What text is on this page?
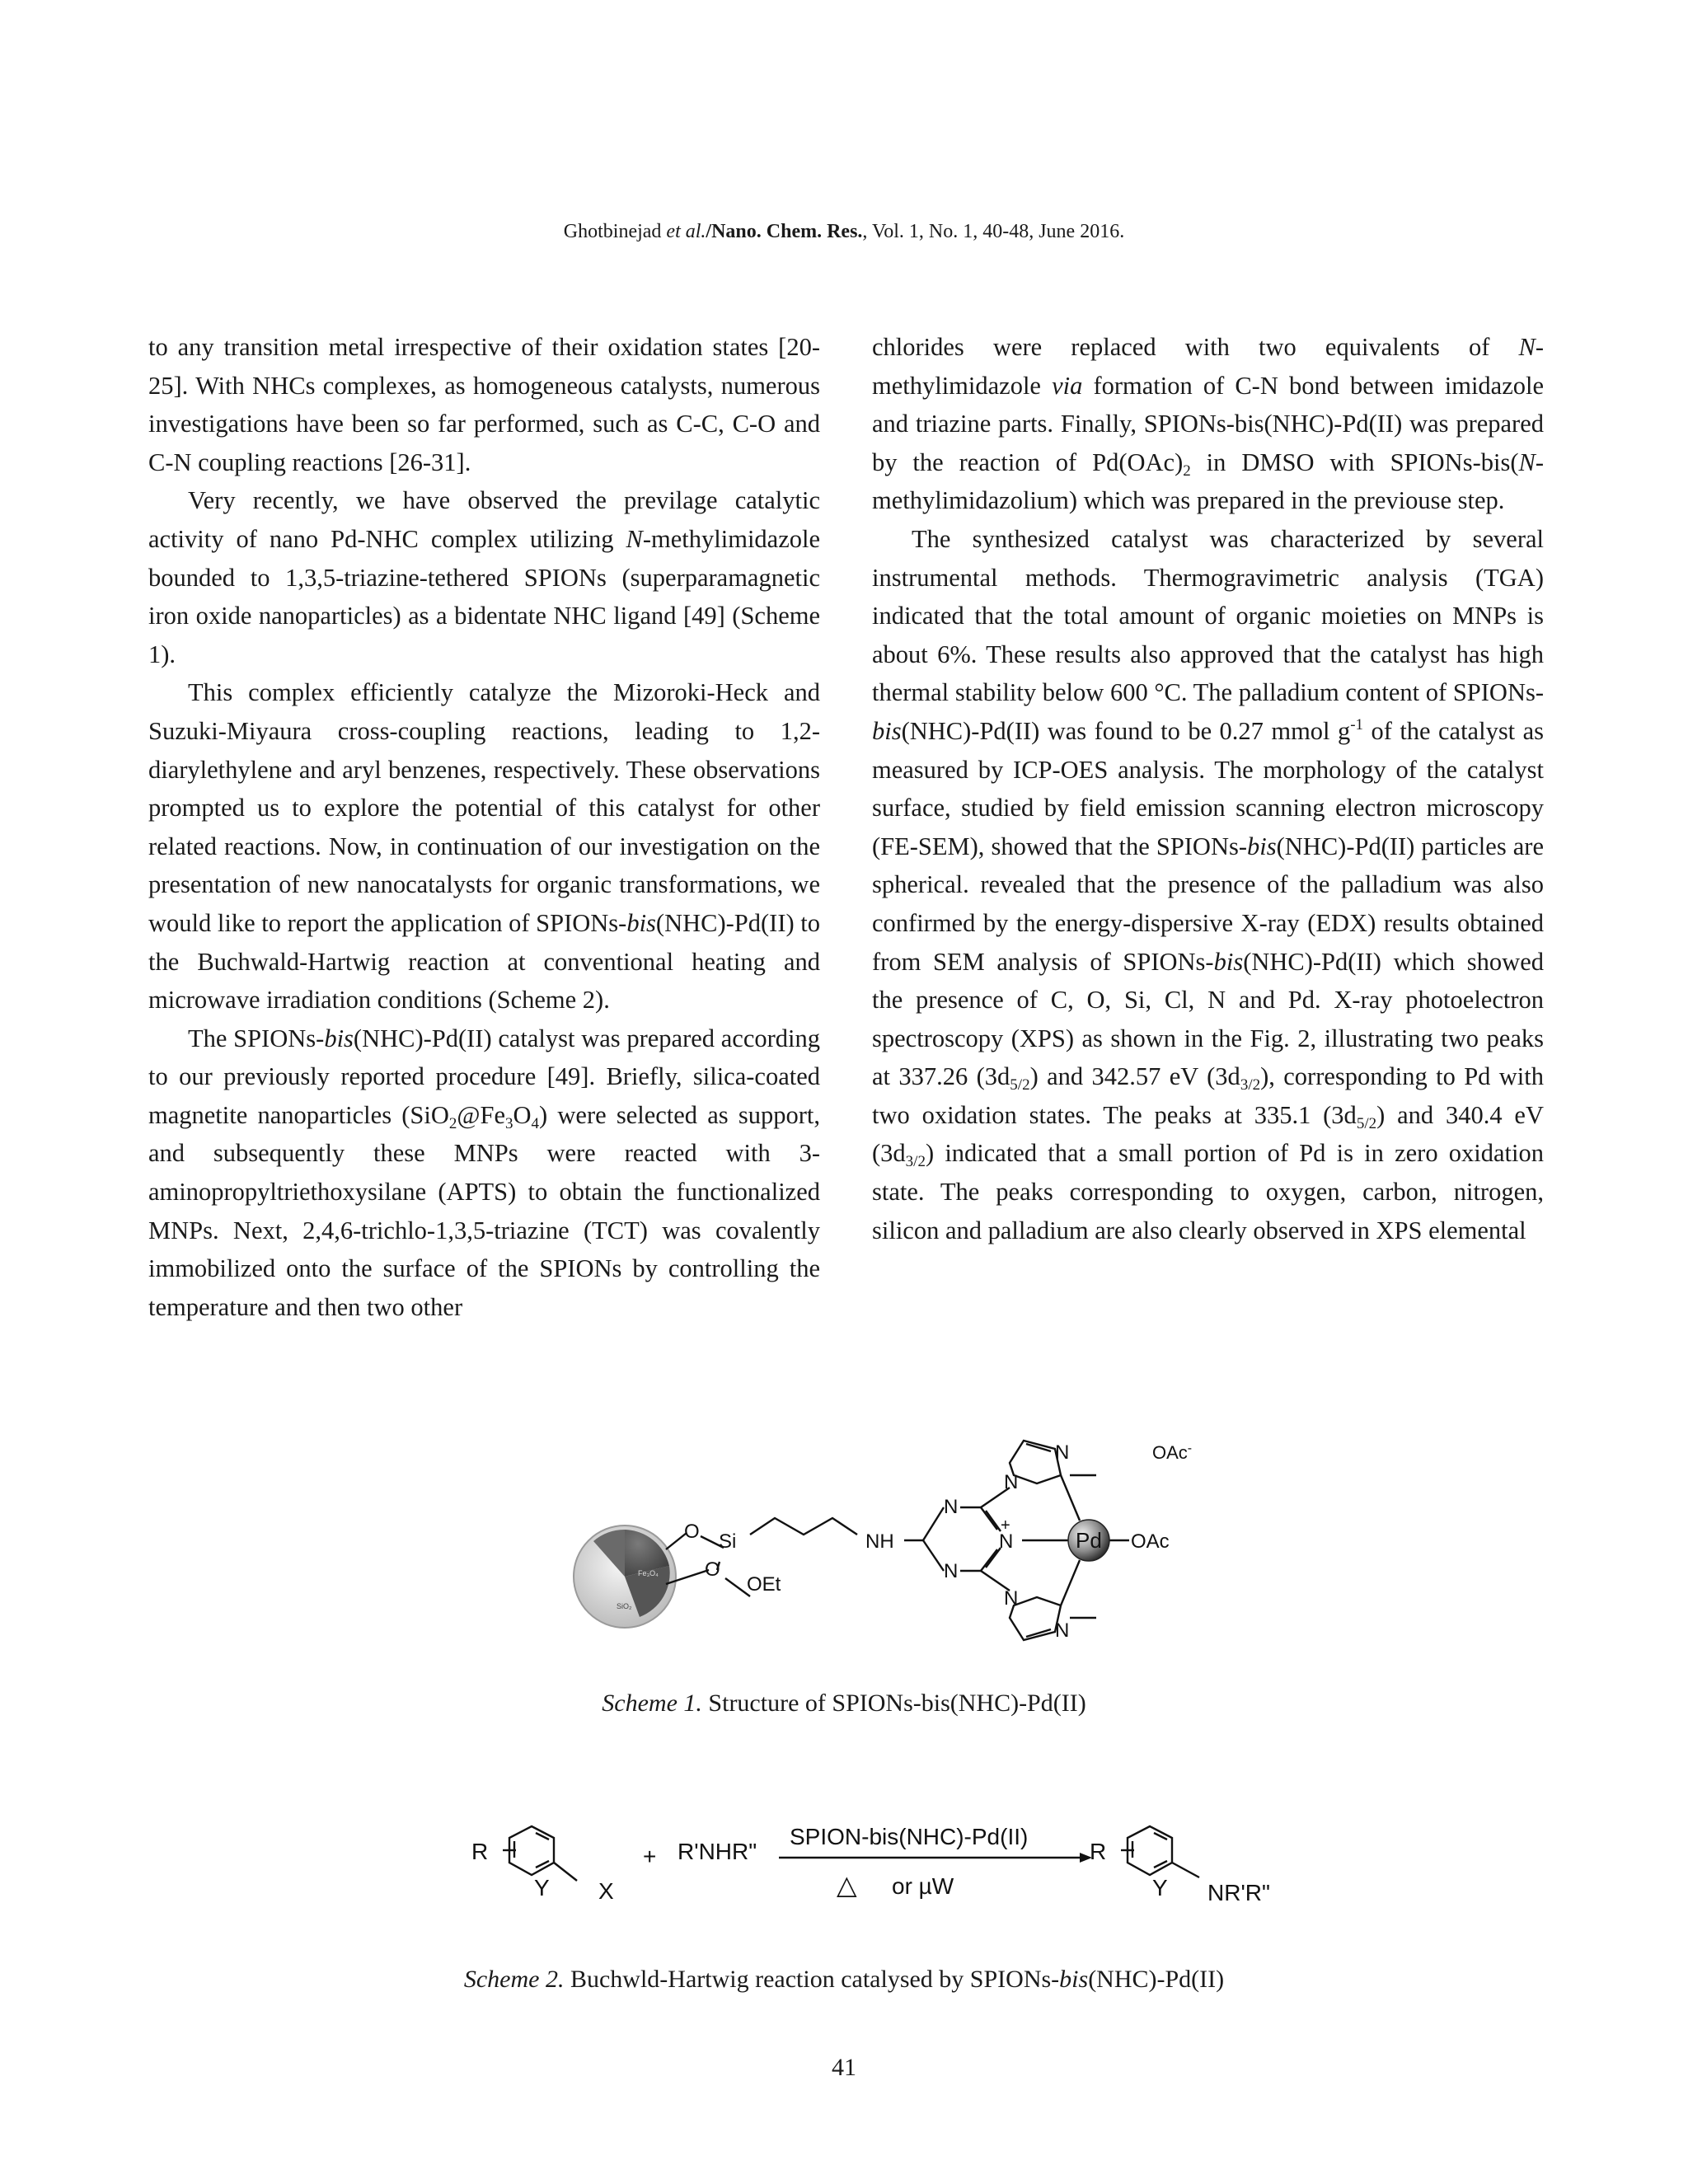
Ghotbinejad et al./Nano. Chem. Res., Vol. 1, No. 1, 40-48, June 2016.

to any transition metal irrespective of their oxidation states [20-25]. With NHCs complexes, as homogeneous catalysts, numerous investigations have been so far performed, such as C-C, C-O and C-N coupling reactions [26-31].

Very recently, we have observed the previlage catalytic activity of nano Pd-NHC complex utilizing N-methylimidazole bounded to 1,3,5-triazine-tethered SPIONs (superparamagnetic iron oxide nanoparticles) as a bidentate NHC ligand [49] (Scheme 1).

This complex efficiently catalyze the Mizoroki-Heck and Suzuki-Miyaura cross-coupling reactions, leading to 1,2-diarylethylene and aryl benzenes, respectively. These observations prompted us to explore the potential of this catalyst for other related reactions. Now, in continuation of our investigation on the presentation of new nanocatalysts for organic transformations, we would like to report the application of SPIONs-bis(NHC)-Pd(II) to the Buchwald-Hartwig reaction at conventional heating and microwave irradiation conditions (Scheme 2).

The SPIONs-bis(NHC)-Pd(II) catalyst was prepared according to our previously reported procedure [49]. Briefly, silica-coated magnetite nanoparticles $(SiO_2@Fe_3O_4)$ were selected as support, and subsequently these MNPs were reacted with 3-aminopropyltriethoxysilane (APTS) to obtain the functionalized MNPs. Next, 2,4,6-trichlo-1,3,5-triazine (TCT) was covalently immobilized onto the surface of the SPIONs by controlling the temperature and then two other

chlorides were replaced with two equivalents of N-methylimidazole via formation of C-N bond between imidazole and triazine parts. Finally, SPIONs-bis(NHC)-Pd(II) was prepared by the reaction of $Pd(OAc)_2$ in DMSO with SPIONs-bis(N-methylimidazolium) which was prepared in the previouse step.

The synthesized catalyst was characterized by several instrumental methods. Thermogravimetric analysis (TGA) indicated that the total amount of organic moieties on MNPs is about 6%. These results also approved that the catalyst has high thermal stability below 600 °C. The palladium content of SPIONs-bis(NHC)-Pd(II) was found to be 0.27 mmol $g^{-1}$ of the catalyst as measured by ICP-OES analysis. The morphology of the catalyst surface, studied by field emission scanning electron microscopy (FE-SEM), showed that the SPIONs-bis(NHC)-Pd(II) particles are spherical. revealed that the presence of the palladium was also confirmed by the energy-dispersive X-ray (EDX) results obtained from SEM analysis of SPIONs-bis(NHC)-Pd(II) which showed the presence of C, O, Si, Cl, N and Pd. X-ray photoelectron spectroscopy (XPS) as shown in the Fig. 2, illustrating two peaks at 337.26 $(3d_{5/2})$ and 342.57 eV $(3d_{3/2})$, corresponding to Pd with two oxidation states. The peaks at 335.1 $(3d_{5/2})$ and 340.4 eV $(3d_{3/2})$ indicated that a small portion of Pd is in zero oxidation state. The peaks corresponding to oxygen, carbon, nitrogen, silicon and palladium are also clearly observed in XPS elemental

Fe₃O₄
SiO₂
O Si
O
OEt
NH
N
N
+
N
Pd OAc
N
N
N
N
OAc-
Scheme 1. Structure of SPIONs-bis(NHC)-Pd(II)
R
Y X
+ R'NHR"
SPION-bis(NHC)-Pd(II)
△ or µW
R
Y NR'R"
Scheme 2. Buchwld-Hartwig reaction catalysed by SPIONs-bis(NHC)-Pd(II)
41
